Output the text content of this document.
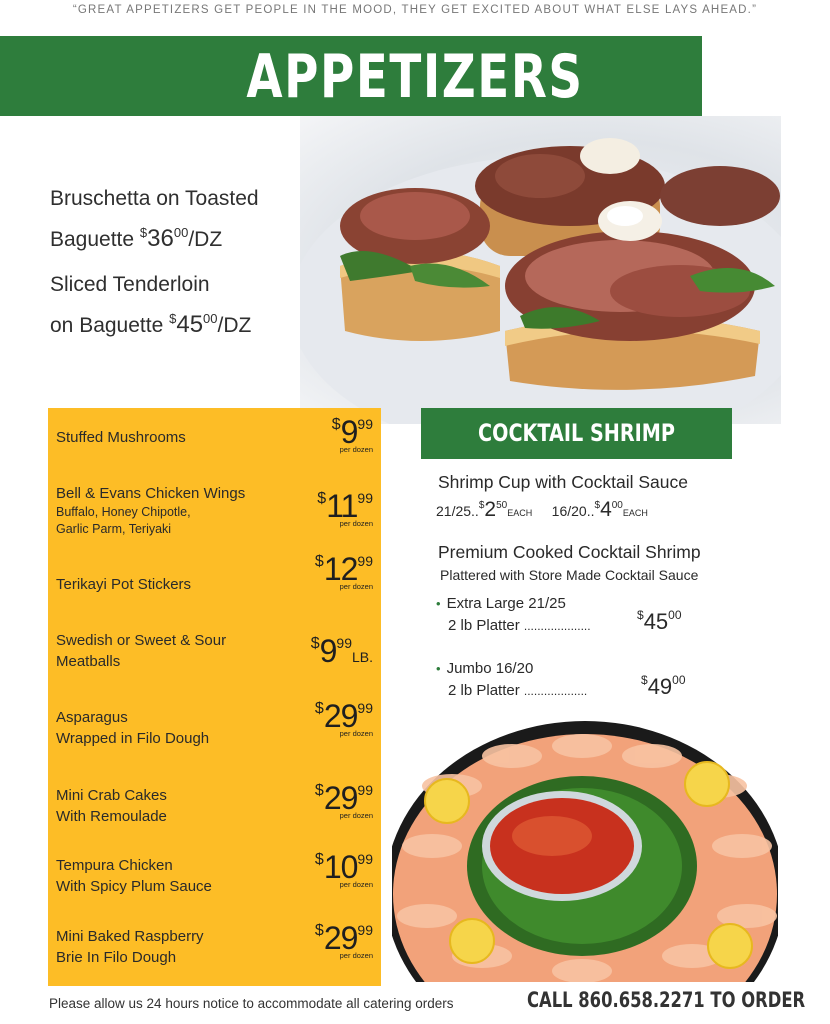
“GREAT APPETIZERS GET PEOPLE IN THE MOOD, THEY GET EXCITED ABOUT WHAT ELSE LAYS AHEAD.”
APPETIZERS
Bruschetta on Toasted
Baguette $^{\$}36^{00}/DZ$
Sliced Tenderloin
on Baguette $^{\$}45^{00}/DZ$
Stuffed Mushrooms
$999
per dozen
Bell & Evans Chicken Wings
Buffalo, Honey Chipotle,
Garlic Parm, Teriyaki
$1199
per dozen
Terikayi Pot Stickers
$1299
per dozen
Swedish or Sweet & Sour
Meatballs
$999LB.
Asparagus
Wrapped in Filo Dough
$2999
per dozen
Mini Crab Cakes
With Remoulade
$2999
per dozen
Tempura Chicken
With Spicy Plum Sauce
$1099
per dozen
Mini Baked Raspberry
Brie In Filo Dough
$2999
per dozen
COCKTAIL SHRIMP
Shrimp Cup with Cocktail Sauce
$21/25..^{\$}2^{50}EACH$ $16/20..^{\$}4^{00}EACH$
Premium Cooked Cocktail Shrimp
Plattered with Store Made Cocktail Sauce
• Extra Large 21/25
2 lb Platter ....................
$^{\$}45^{00}$
• Jumbo 16/20
2 lb Platter ...................
$^{\$}49^{00}$
Please allow us 24 hours notice to accommodate all catering orders	CALL 860.658.2271 TO ORDER
